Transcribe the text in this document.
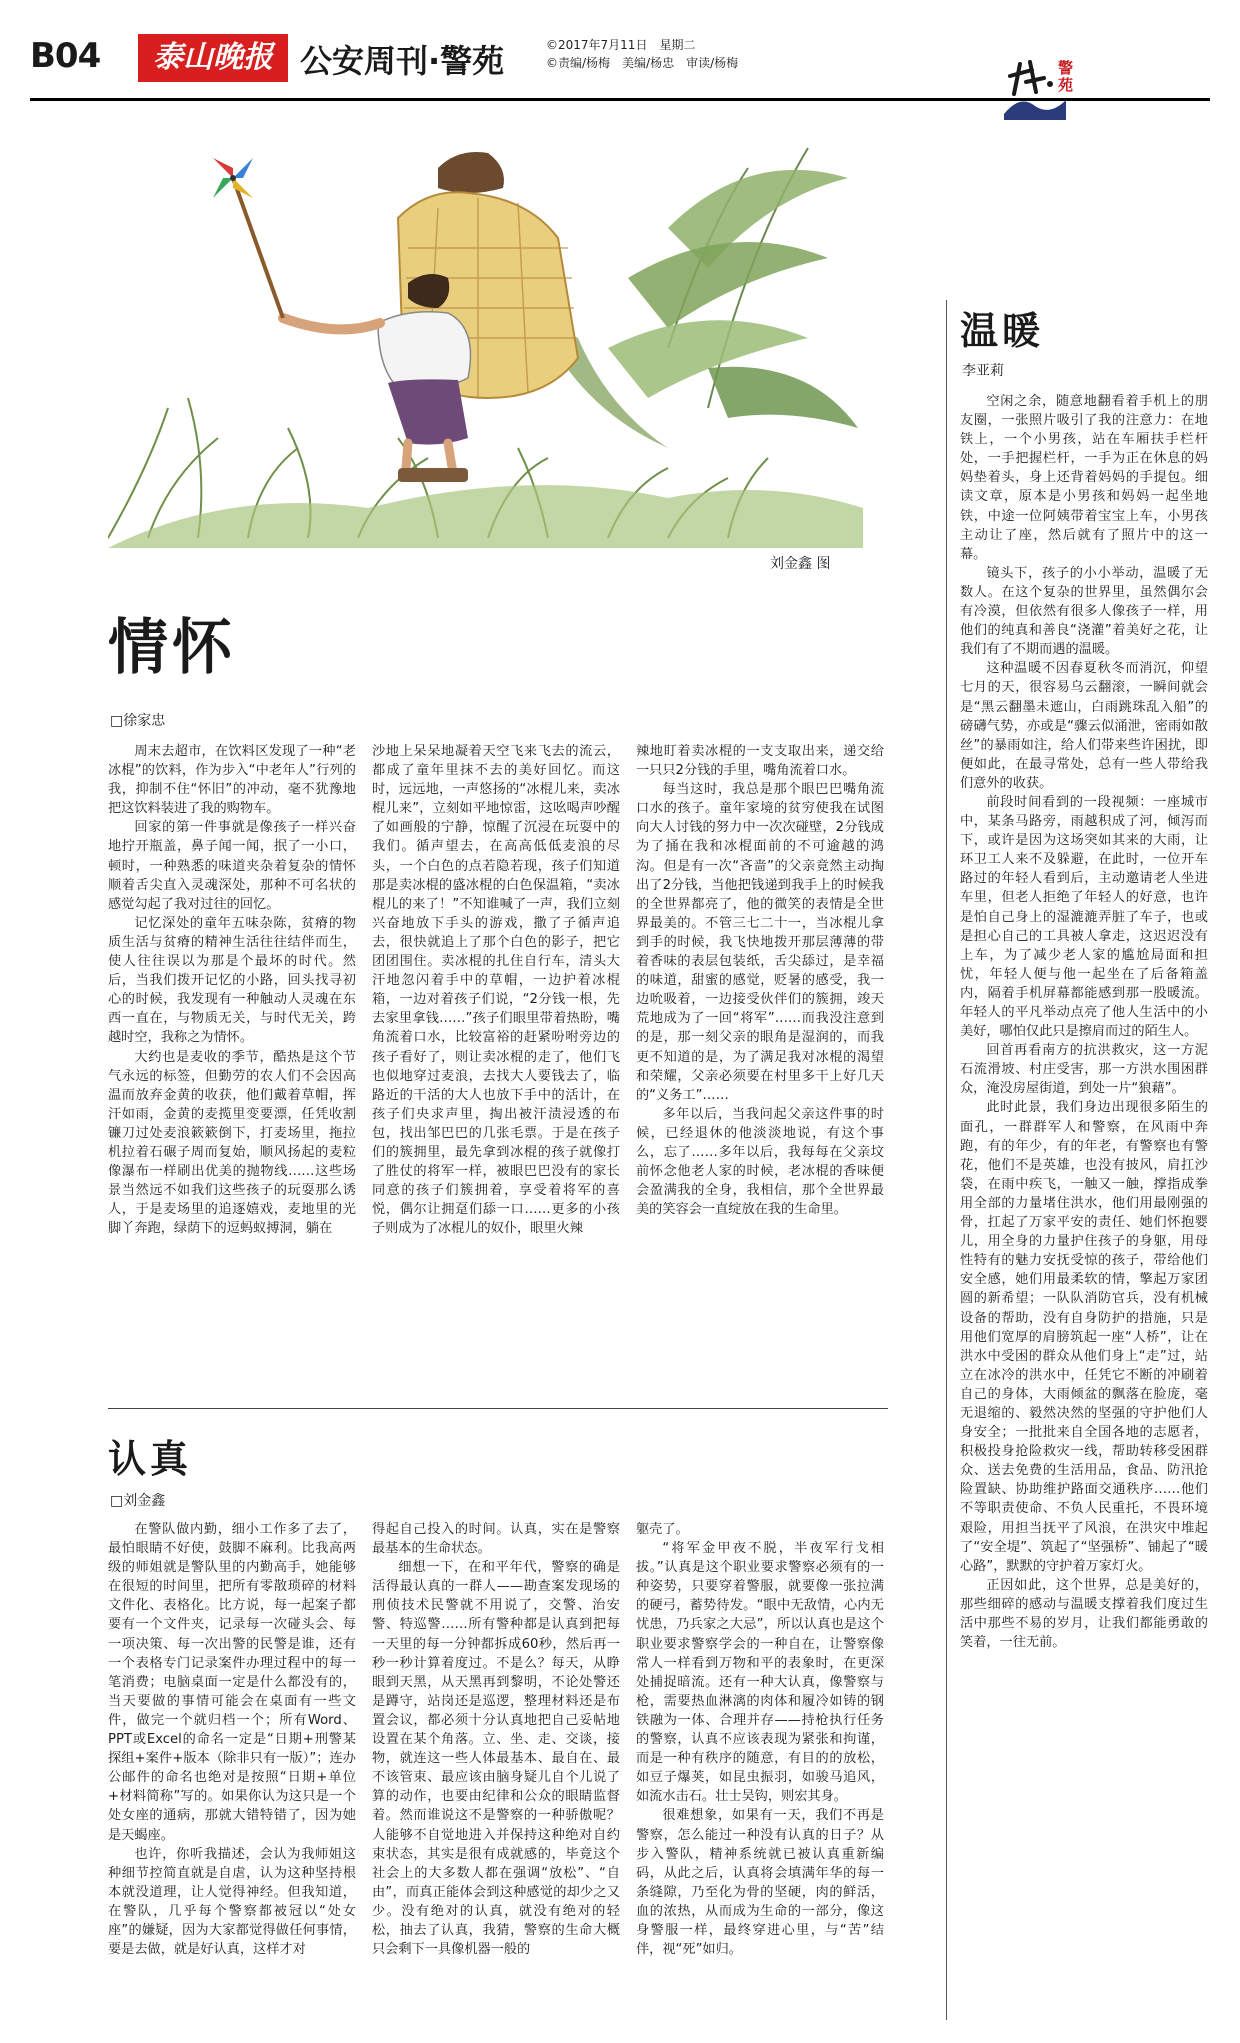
B04	泰山晚报 公安周刊·警苑	©2017年7月11日　星期二
©责编/杨梅　美编/杨忠　审读/杨梅	警苑
刘金鑫 图
情怀
□徐家忠

周末去超市，在饮料区发现了一种“老冰棍”的饮料，作为步入“中老年人”行列的我，抑制不住“怀旧”的冲动，毫不犹豫地把这饮料装进了我的购物车。

回家的第一件事就是像孩子一样兴奋地拧开瓶盖，鼻子闻一闻，抿了一小口，顿时，一种熟悉的味道夹杂着复杂的情怀顺着舌尖直入灵魂深处，那种不可名状的感觉勾起了我对过往的回忆。

记忆深处的童年五味杂陈，贫瘠的物质生活与贫瘠的精神生活往往结伴而生，使人往往误以为那是个最坏的时代。然后，当我们拨开记忆的小路，回头找寻初心的时候，我发现有一种触动人灵魂在东西一直在，与物质无关，与时代无关，跨越时空，我称之为情怀。

大约也是麦收的季节，酷热是这个节气永远的标签，但勤劳的农人们不会因高温而放弃金黄的收获，他们戴着草帽，挥汗如雨，金黄的麦揽里变要漂，任凭收割镰刀过处麦浪簌簌倒下，打麦场里，拖拉机拉着石碾子周而复始，顺风扬起的麦粒像瀑布一样刷出优美的抛物线……这些场景当然远不如我们这些孩子的玩耍那么诱人，于是麦场里的追逐嬉戏，麦地里的光脚丫奔跑，绿荫下的逗蚂蚁搏洞，躺在

沙地上呆呆地凝着天空飞来飞去的流云，都成了童年里抹不去的美好回忆。而这时，远远地，一声悠扬的“冰棍儿来，卖冰棍儿来”，立刻如平地惊雷，这吆喝声吵醒了如画般的宁静，惊醒了沉浸在玩耍中的我们。循声望去，在高高低低麦浪的尽头，一个白色的点若隐若现，孩子们知道那是卖冰棍的盛冰棍的白色保温箱，“卖冰棍儿的来了！”不知谁喊了一声，我们立刻兴奋地放下手头的游戏，撒了子循声追去，很快就追上了那个白色的影子，把它团团围住。卖冰棍的扎住自行车，清头大汗地忽闪着手中的草帽，一边护着冰棍箱，一边对着孩子们说，“2分钱一根，先去家里拿钱……”孩子们眼里带着热盼，嘴角流着口水，比较富裕的赶紧吩咐旁边的孩子看好了，则让卖冰棍的走了，他们飞也似地穿过麦浪，去找大人要钱去了，临路近的干活的大人也放下手中的活计，在孩子们央求声里，掏出被汗渍浸透的布包，找出邹巴巴的几张毛票。于是在孩子们的簇拥里，最先拿到冰棍的孩子就像打了胜仗的将军一样，被眼巴巴没有的家长同意的孩子们簇拥着，享受着将军的喜悦，偶尔让拥趸们舔一口……更多的小孩子则成为了冰棍儿的奴仆，眼里火辣

辣地盯着卖冰棍的一支支取出来，递交给一只只2分钱的手里，嘴角流着口水。

每当这时，我总是那个眼巴巴嘴角流口水的孩子。童年家境的贫穷使我在试图向大人讨钱的努力中一次次碰壁，2分钱成为了捅在我和冰棍面前的不可逾越的鸿沟。但是有一次“吝啬”的父亲竟然主动掏出了2分钱，当他把钱递到我手上的时候我的全世界都亮了，他的微笑的表情是全世界最美的。不管三七二十一，当冰棍儿拿到手的时候，我飞快地拨开那层薄薄的带着香味的表层包装纸，舌尖舔过，是幸福的味道，甜蜜的感觉，贬暑的感受，我一边吮吸着，一边接受伙伴们的簇拥，竣天荒地成为了一回“将军”……而我没注意到的是，那一刻父亲的眼角是湿润的，而我更不知道的是，为了满足我对冰棍的渴望和荣耀，父亲必须要在村里多干上好几天的“义务工”……

多年以后，当我问起父亲这件事的时候，已经退休的他淡淡地说，有这个事么，忘了……多年以后，我每每在父亲坟前怀念他老人家的时候，老冰棍的香味便会盈满我的全身，我相信，那个全世界最美的笑容会一直绽放在我的生命里。

认真
□刘金鑫

在警队做内勤，细小工作多了去了，最怕眼睛不好使，鼓脚不麻利。比我高两级的师姐就是警队里的内勤高手，她能够在很短的时间里，把所有零散琐碎的材料文件化、表格化。比方说，每一起案子都要有一个文件夹，记录每一次碰头会、每一项决策、每一次出警的民警是谁，还有一个表格专门记录案件办理过程中的每一笔消费；电脑桌面一定是什么都没有的，当天要做的事情可能会在桌面有一些文件，做完一个就归档一个；所有Word、PPT或Excel的命名一定是“日期+刑警某探组+案件+版本（除非只有一版）”；连办公邮件的命名也绝对是按照“日期+单位+材料简称”写的。如果你认为这只是一个处女座的通病，那就大错特错了，因为她是天蝎座。

也许，你听我描述，会认为我师姐这种细节控简直就是自虐，认为这种坚持根本就没道理，让人觉得神经。但我知道，在警队，几乎每个警察都被冠以“处女座”的嫌疑，因为大家都觉得做任何事情，要是去做，就是好认真，这样才对

得起自己投入的时间。认真，实在是警察最基本的生命状态。

细想一下，在和平年代，警察的确是活得最认真的一群人——勘查案发现场的刑侦技术民警就不用说了，交警、治安警、特巡警……所有警种都是认真到把每一天里的每一分钟都拆成60秒，然后再一秒一秒计算着度过。不是么？每天，从睁眼到天黑，从天黑再到黎明，不论处警还是蹲守，站岗还是巡逻，整理材料还是布置会议，都必须十分认真地把自己妥帖地设置在某个角落。立、坐、走、交谈，接物，就连这一些人体最基本、最自在、最不该管束、最应该由脑身疑儿自个儿说了算的动作，也要由纪律和公众的眼睛监督着。然而谁说这不是警察的一种骄傲呢？人能够不自觉地进入并保持这种绝对自约束状态，其实是很有成就感的，毕竟这个社会上的大多数人都在强调“放松”、“自由”，而真正能体会到这种感觉的却少之又少。没有绝对的认真，就没有绝对的轻松，抽去了认真，我猜，警察的生命大概只会剩下一具像机器一般的

躯壳了。

“将军金甲夜不脱，半夜军行戈相拔。”认真是这个职业要求警察必须有的一种姿势，只要穿着警服，就要像一张拉满的硬弓，蓄势待发。“眼中无敌情，心内无忧患，乃兵家之大忌”，所以认真也是这个职业要求警察学会的一种自在，让警察像常人一样看到万物和平的表象时，在更深处捕捉暗流。还有一种大认真，像警察与枪，需要热血淋漓的肉体和履冷如铸的钢铁融为一体、合理并存——持枪执行任务的警察，认真不应该表现为紧张和拘谨，而是一种有秩序的随意，有目的的放松，如豆子爆荚，如昆虫振羽，如骏马追风，如流水击石。壮士吴钩，则宏其身。

很难想象，如果有一天，我们不再是警察，怎么能过一种没有认真的日子？从步入警队，精神系统就已被认真重新编码，从此之后，认真将会填满年华的每一条缝隙，乃至化为骨的坚硬，肉的鲜活，血的浓热，从而成为生命的一部分，像这身警服一样，最终穿进心里，与“苦”结伴，视“死”如归。

温暖
李亚莉

空闲之余，随意地翻看着手机上的朋友圈，一张照片吸引了我的注意力：在地铁上，一个小男孩，站在车厢扶手栏杆处，一手把握栏杆，一手为正在休息的妈妈垫着头，身上还背着妈妈的手提包。细读文章，原本是小男孩和妈妈一起坐地铁，中途一位阿姨带着宝宝上车，小男孩主动让了座，然后就有了照片中的这一幕。

镜头下，孩子的小小举动，温暖了无数人。在这个复杂的世界里，虽然偶尔会有冷漠，但依然有很多人像孩子一样，用他们的纯真和善良“浇灌”着美好之花，让我们有了不期而遇的温暖。

这种温暖不因春夏秋冬而消沉，仰望七月的天，很容易乌云翻滚，一瞬间就会是“黑云翻墨未遮山，白雨跳珠乱入船”的磅礴气势，亦或是“骤云似涌泄，密雨如散丝”的暴雨如注，给人们带来些许困扰，即便如此，在最寻常处，总有一些人带给我们意外的收获。

前段时间看到的一段视频：一座城市中，某条马路旁，雨越积成了河，倾泻而下，或许是因为这场突如其来的大雨，让环卫工人来不及躲避，在此时，一位开车路过的年轻人看到后，主动邀请老人坐进车里，但老人拒绝了年轻人的好意，也许是怕自己身上的湿漉漉弄脏了车子，也或是担心自己的工具被人拿走，这迟迟没有上车，为了减少老人家的尴尬局面和担忧，年轻人便与他一起坐在了后备箱盖内，隔着手机屏幕都能感到那一股暖流。年轻人的平凡举动点亮了他人生活中的小美好，哪怕仅此只是擦肩而过的陌生人。

回首再看南方的抗洪救灾，这一方泥石流滑坡、村庄受害，那一方洪水围困群众，淹没房屋街道，到处一片“狼藉”。

此时此景，我们身边出现很多陌生的面孔，一群群军人和警察，在风雨中奔跑，有的年少，有的年老，有警察也有警花，他们不是英雄，也没有披风，肩扛沙袋，在雨中疾飞，一触又一触，撑指成拳用全部的力量堵住洪水，他们用最刚强的骨，扛起了万家平安的责任、她们怀抱婴儿，用全身的力量护住孩子的身躯，用母性特有的魅力安抚受惊的孩子，带给他们安全感，她们用最柔软的情，擎起万家团圆的新希望；一队队消防官兵，没有机械设备的帮助，没有自身防护的措施，只是用他们宽厚的肩膀筑起一座“人桥”，让在洪水中受困的群众从他们身上“走”过，站立在冰冷的洪水中，任凭它不断的冲刷着自己的身体，大雨倾盆的飘落在脸庞，毫无退缩的、毅然决然的坚强的守护他们人身安全；一批批来自全国各地的志愿者，积极投身抢险救灾一线，帮助转移受困群众、送去免费的生活用品，食品、防汛抢险置缺、协助维护路面交通秩序……他们不等职责使命、不负人民重托，不畏环境艰险，用担当抚平了风浪，在洪灾中堆起了“安全堤”、筑起了“坚强桥”、铺起了“暖心路”，默默的守护着万家灯火。

正因如此，这个世界，总是美好的，那些细碎的感动与温暖支撑着我们度过生活中那些不易的岁月，让我们都能勇敢的笑着，一往无前。
